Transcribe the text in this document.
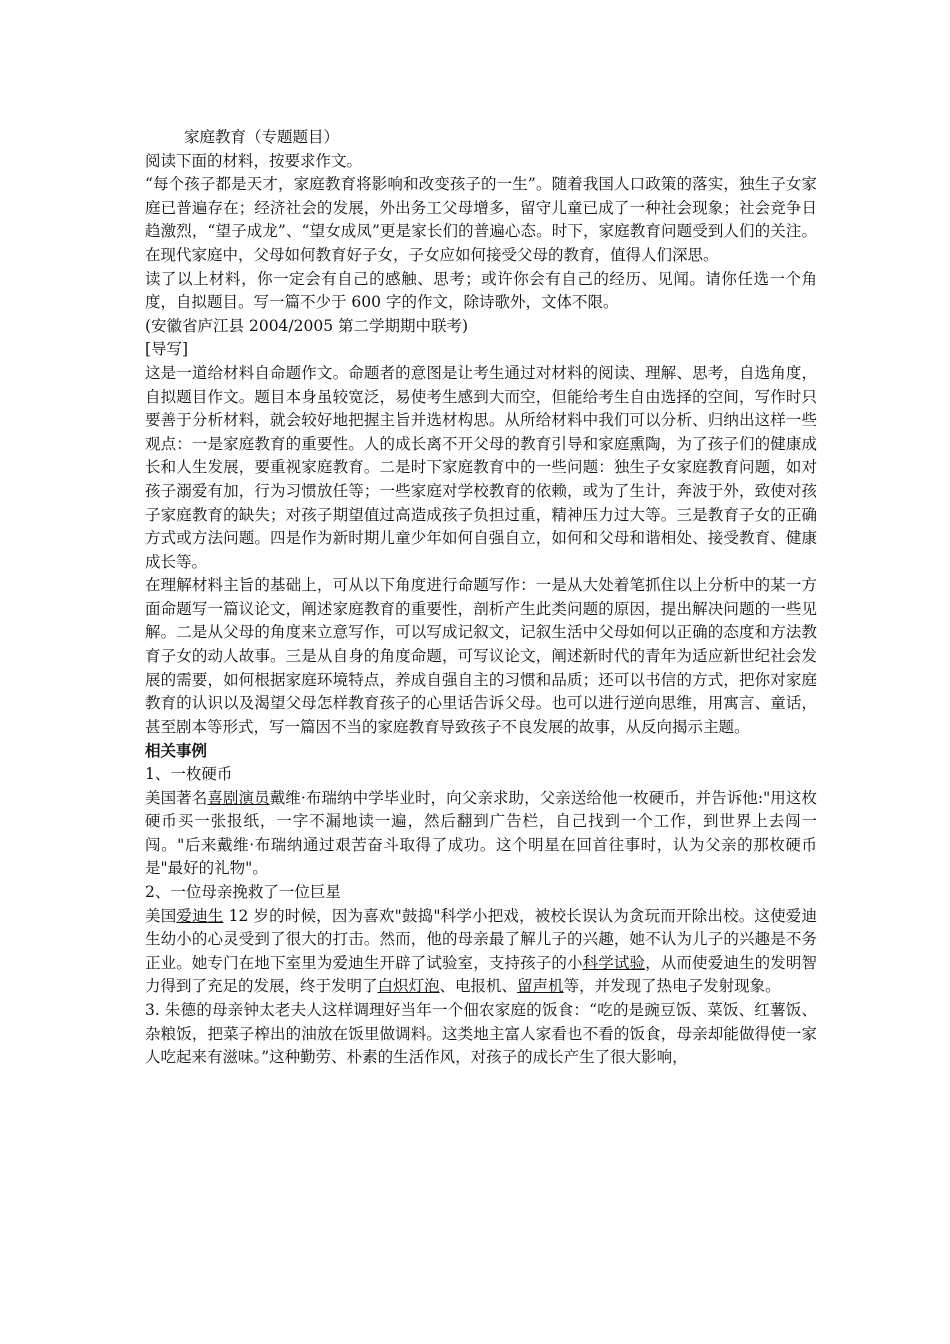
家庭教育（专题题目）

阅读下面的材料，按要求作文。

“每个孩子都是天才，家庭教育将影响和改变孩子的一生”。随着我国人口政策的落实，独生子女家庭已普遍存在；经济社会的发展，外出务工父母增多，留守儿童已成了一种社会现象；社会竞争日趋激烈，“望子成龙”、“望女成凤”更是家长们的普遍心态。时下，家庭教育问题受到人们的关注。在现代家庭中，父母如何教育好子女，子女应如何接受父母的教育，值得人们深思。

读了以上材料，你一定会有自己的感触、思考；或许你会有自己的经历、见闻。请你任选一个角度，自拟题目。写一篇不少于 600 字的作文，除诗歌外，文体不限。

(安徽省庐江县 2004/2005 第二学期期中联考)

[导写]

这是一道给材料自命题作文。命题者的意图是让考生通过对材料的阅读、理解、思考，自选角度，自拟题目作文。题目本身虽较宽泛，易使考生感到大而空，但能给考生自由选择的空间，写作时只要善于分析材料，就会较好地把握主旨并选材构思。从所给材料中我们可以分析、归纳出这样一些观点：一是家庭教育的重要性。人的成长离不开父母的教育引导和家庭熏陶，为了孩子们的健康成长和人生发展，要重视家庭教育。二是时下家庭教育中的一些问题：独生子女家庭教育问题，如对孩子溺爱有加，行为习惯放任等；一些家庭对学校教育的依赖，或为了生计，奔波于外，致使对孩子家庭教育的缺失；对孩子期望值过高造成孩子负担过重，精神压力过大等。三是教育子女的正确方式或方法问题。四是作为新时期儿童少年如何自强自立，如何和父母和谐相处、接受教育、健康成长等。

在理解材料主旨的基础上，可从以下角度进行命题写作：一是从大处着笔抓住以上分析中的某一方面命题写一篇议论文，阐述家庭教育的重要性，剖析产生此类问题的原因，提出解决问题的一些见解。二是从父母的角度来立意写作，可以写成记叙文，记叙生活中父母如何以正确的态度和方法教育子女的动人故事。三是从自身的角度命题，可写议论文，阐述新时代的青年为适应新世纪社会发展的需要，如何根据家庭环境特点，养成自强自主的习惯和品质；还可以书信的方式，把你对家庭教育的认识以及渴望父母怎样教育孩子的心里话告诉父母。也可以进行逆向思维，用寓言、童话，甚至剧本等形式，写一篇因不当的家庭教育导致孩子不良发展的故事，从反向揭示主题。

相关事例

1、一枚硬币

美国著名喜剧演员戴维·布瑞纳中学毕业时，向父亲求助，父亲送给他一枚硬币，并告诉他:"用这枚硬币买一张报纸，一字不漏地读一遍，然后翻到广告栏，自己找到一个工作，到世界上去闯一闯。"后来戴维·布瑞纳通过艰苦奋斗取得了成功。这个明星在回首往事时，认为父亲的那枚硬币是"最好的礼物"。

2、一位母亲挽救了一位巨星

美国爱迪生 12 岁的时候，因为喜欢"鼓捣"科学小把戏，被校长误认为贪玩而开除出校。这使爱迪生幼小的心灵受到了很大的打击。然而，他的母亲最了解儿子的兴趣，她不认为儿子的兴趣是不务正业。她专门在地下室里为爱迪生开辟了试验室，支持孩子的小科学试验，从而使爱迪生的发明智力得到了充足的发展，终于发明了白炽灯泡、电报机、留声机等，并发现了热电子发射现象。

3. 朱德的母亲钟太老夫人这样调理好当年一个佃农家庭的饭食：“吃的是豌豆饭、菜饭、红薯饭、杂粮饭，把菜子榨出的油放在饭里做调料。这类地主富人家看也不看的饭食，母亲却能做得使一家人吃起来有滋味。”这种勤劳、朴素的生活作风，对孩子的成长产生了很大影响，
